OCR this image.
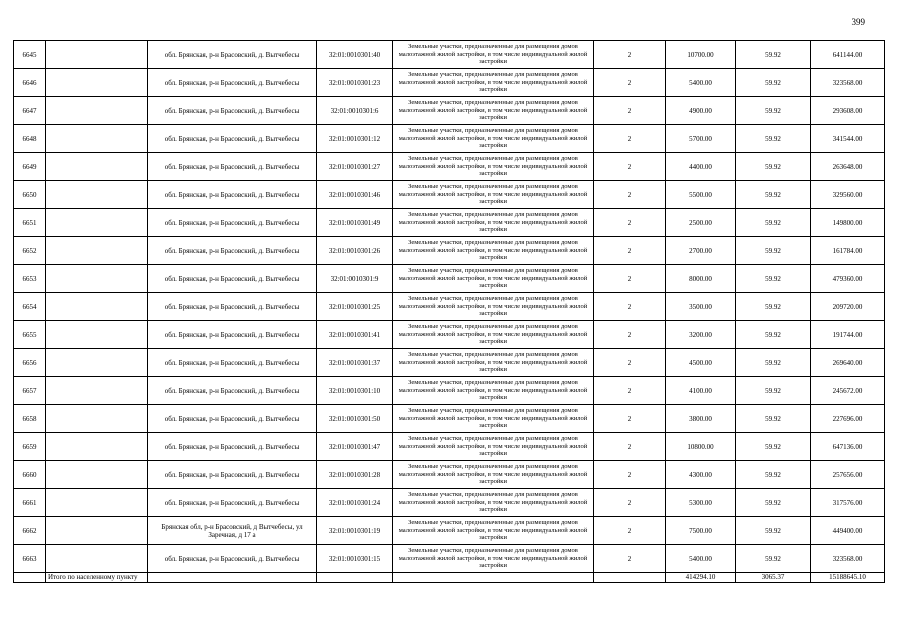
399
6645		обл. Брянская, р-н Брасовский, д. Вытчебесы	32:01:0010301:40	Земельные участки, предназначенные для размещения домов малоэтажной жилой застройки, в том числе индивидуальной жилой застройки	2	10700.00	59.92	641144.00
6646		обл. Брянская, р-н Брасовский, д. Вытчебесы	32:01:0010301:23	Земельные участки, предназначенные для размещения домов малоэтажной жилой застройки, в том числе индивидуальной жилой застройки	2	5400.00	59.92	323568.00
6647		обл. Брянская, р-н Брасовский, д. Вытчебесы	32:01:0010301:6	Земельные участки, предназначенные для размещения домов малоэтажной жилой застройки, в том числе индивидуальной жилой застройки	2	4900.00	59.92	293608.00
6648		обл. Брянская, р-н Брасовский, д. Вытчебесы	32:01:0010301:12	Земельные участки, предназначенные для размещения домов малоэтажной жилой застройки, в том числе индивидуальной жилой застройки	2	5700.00	59.92	341544.00
6649		обл. Брянская, р-н Брасовский, д. Вытчебесы	32:01:0010301:27	Земельные участки, предназначенные для размещения домов малоэтажной жилой застройки, в том числе индивидуальной жилой застройки	2	4400.00	59.92	263648.00
6650		обл. Брянская, р-н Брасовский, д. Вытчебесы	32:01:0010301:46	Земельные участки, предназначенные для размещения домов малоэтажной жилой застройки, в том числе индивидуальной жилой застройки	2	5500.00	59.92	329560.00
6651		обл. Брянская, р-н Брасовский, д. Вытчебесы	32:01:0010301:49	Земельные участки, предназначенные для размещения домов малоэтажной жилой застройки, в том числе индивидуальной жилой застройки	2	2500.00	59.92	149800.00
6652		обл. Брянская, р-н Брасовский, д. Вытчебесы	32:01:0010301:26	Земельные участки, предназначенные для размещения домов малоэтажной жилой застройки, в том числе индивидуальной жилой застройки	2	2700.00	59.92	161784.00
6653		обл. Брянская, р-н Брасовский, д. Вытчебесы	32:01:0010301:9	Земельные участки, предназначенные для размещения домов малоэтажной жилой застройки, в том числе индивидуальной жилой застройки	2	8000.00	59.92	479360.00
6654		обл. Брянская, р-н Брасовский, д. Вытчебесы	32:01:0010301:25	Земельные участки, предназначенные для размещения домов малоэтажной жилой застройки, в том числе индивидуальной жилой застройки	2	3500.00	59.92	209720.00
6655		обл. Брянская, р-н Брасовский, д. Вытчебесы	32:01:0010301:41	Земельные участки, предназначенные для размещения домов малоэтажной жилой застройки, в том числе индивидуальной жилой застройки	2	3200.00	59.92	191744.00
6656		обл. Брянская, р-н Брасовский, д. Вытчебесы	32:01:0010301:37	Земельные участки, предназначенные для размещения домов малоэтажной жилой застройки, в том числе индивидуальной жилой застройки	2	4500.00	59.92	269640.00
6657		обл. Брянская, р-н Брасовский, д. Вытчебесы	32:01:0010301:10	Земельные участки, предназначенные для размещения домов малоэтажной жилой застройки, в том числе индивидуальной жилой застройки	2	4100.00	59.92	245672.00
6658		обл. Брянская, р-н Брасовский, д. Вытчебесы	32:01:0010301:50	Земельные участки, предназначенные для размещения домов малоэтажной жилой застройки, в том числе индивидуальной жилой застройки	2	3800.00	59.92	227696.00
6659		обл. Брянская, р-н Брасовский, д. Вытчебесы	32:01:0010301:47	Земельные участки, предназначенные для размещения домов малоэтажной жилой застройки, в том числе индивидуальной жилой застройки	2	10800.00	59.92	647136.00
6660		обл. Брянская, р-н Брасовский, д. Вытчебесы	32:01:0010301:28	Земельные участки, предназначенные для размещения домов малоэтажной жилой застройки, в том числе индивидуальной жилой застройки	2	4300.00	59.92	257656.00
6661		обл. Брянская, р-н Брасовский, д. Вытчебесы	32:01:0010301:24	Земельные участки, предназначенные для размещения домов малоэтажной жилой застройки, в том числе индивидуальной жилой застройки	2	5300.00	59.92	317576.00
6662		Брянская обл, р-н Брасовский, д Вытчебесы, ул Заречная, д 17 а	32:01:0010301:19	Земельные участки, предназначенные для размещения домов малоэтажной жилой застройки, в том числе индивидуальной жилой застройки	2	7500.00	59.92	449400.00
6663		обл. Брянская, р-н Брасовский, д. Вытчебесы	32:01:0010301:15	Земельные участки, предназначенные для размещения домов малоэтажной жилой застройки, в том числе индивидуальной жилой застройки	2	5400.00	59.92	323568.00
	Итого по населенному пункту					414294.10	3065.37	15188645.10
